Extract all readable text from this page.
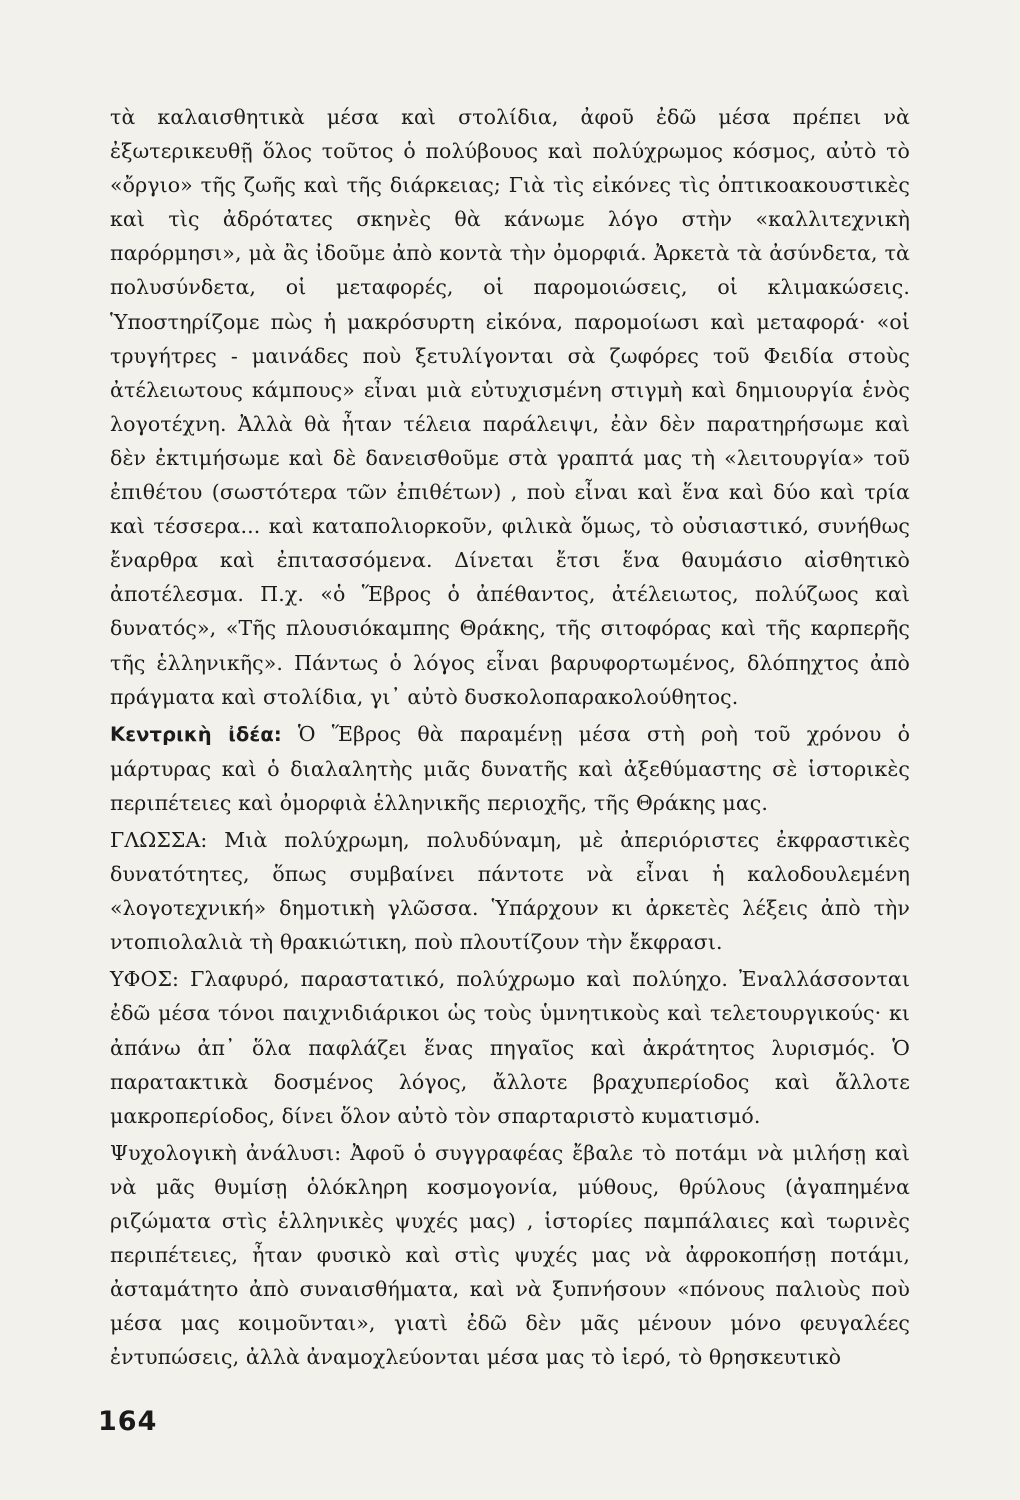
τὰ καλαισθητικὰ μέσα καὶ στολίδια, ἀφοῦ ἐδῶ μέσα πρέπει νὰ ἐξωτερικευθῇ ὅλος τοῦτος ὁ πολύβουος καὶ πολύχρωμος κόσμος, αὐτὸ τὸ «ὄργιο» τῆς ζωῆς καὶ τῆς διάρκειας; Γιὰ τὶς εἰκόνες τὶς ὀπτικοακουστικὲς καὶ τὶς ἀδρότατες σκηνὲς θὰ κάνωμε λόγο στὴν «καλλιτεχνικὴ παρόρμησι», μὰ ἂς ἰδοῦμε ἀπὸ κοντὰ τὴν ὀμορφιά. Ἀρκετὰ τὰ ἀσύνδετα, τὰ πολυσύνδετα, οἱ μεταφορές, οἱ παρομοιώσεις, οἱ κλιμακώσεις. Ὑποστηρίζομε πὼς ἡ μακρόσυρτη εἰκόνα, παρομοίωσι καὶ μεταφορά· «οἱ τρυγήτρες - μαινάδες ποὺ ξετυλίγονται σὰ ζωφόρες τοῦ Φειδία στοὺς ἀτέλειωτους κάμπους» εἶναι μιὰ εὐτυχισμένη στιγμὴ καὶ δημιουργία ἑνὸς λογοτέχνη. Ἀλλὰ θὰ ἦταν τέλεια παράλειψι, ἐὰν δὲν παρατηρήσωμε καὶ δὲν ἐκτιμήσωμε καὶ δὲ δανεισθοῦμε στὰ γραπτά μας τὴ «λειτουργία» τοῦ ἐπιθέτου (σωστότερα τῶν ἐπιθέτων) , ποὺ εἶναι καὶ ἕνα καὶ δύο καὶ τρία καὶ τέσσερα... καὶ καταπολιορκοῦν, φιλικὰ ὅμως, τὸ οὐσιαστικό, συνήθως ἔναρθρα καὶ ἐπιτασσόμενα. Δίνεται ἔτσι ἕνα θαυμάσιο αἰσθητικὸ ἀποτέλεσμα. Π.χ. «ὁ Ἕβρος ὁ ἀπέθαντος, ἀτέλειωτος, πολύζωος καὶ δυνατός», «Τῆς πλουσιόκαμπης Θράκης, τῆς σιτοφόρας καὶ τῆς καρπερῆς τῆς ἑλληνικῆς». Πάντως ὁ λόγος εἶναι βαρυφορτωμένος, δλόπηχτος ἀπὸ πράγματα καὶ στολίδια, γι᾽ αὐτὸ δυσκολοπαρακολούθητος.

Κεντρικὴ ἰδέα: Ὁ Ἕβρος θὰ παραμένῃ μέσα στὴ ροὴ τοῦ χρόνου ὁ μάρτυρας καὶ ὁ διαλαλητὴς μιᾶς δυνατῆς καὶ ἀξεθύμαστης σὲ ἱστορικὲς περιπέτειες καὶ ὀμορφιὰ ἑλληνικῆς περιοχῆς, τῆς Θράκης μας.

ΓΛΩΣΣΑ: Μιὰ πολύχρωμη, πολυδύναμη, μὲ ἀπεριόριστες ἐκφραστικὲς δυνατότητες, ὅπως συμβαίνει πάντοτε νὰ εἶναι ἡ καλοδουλεμένη «λογοτεχνική» δημοτικὴ γλῶσσα. Ὑπάρχουν κι ἀρκετὲς λέξεις ἀπὸ τὴν ντοπιολαλιὰ τὴ θρακιώτικη, ποὺ πλουτίζουν τὴν ἔκφρασι.

ΥΦΟΣ: Γλαφυρό, παραστατικό, πολύχρωμο καὶ πολύηχο. Ἐναλλάσσονται ἐδῶ μέσα τόνοι παιχνιδιάρικοι ὡς τοὺς ὑμνητικοὺς καὶ τελετουργικούς· κι ἀπάνω ἀπ᾽ ὅλα παφλάζει ἕνας πηγαῖος καὶ ἀκράτητος λυρισμός. Ὁ παρατακτικὰ δοσμένος λόγος, ἄλλοτε βραχυπερίοδος καὶ ἄλλοτε μακροπερίοδος, δίνει ὅλον αὐτὸ τὸν σπαρταριστὸ κυματισμό.

Ψυχολογικὴ ἀνάλυσι: Ἀφοῦ ὁ συγγραφέας ἔβαλε τὸ ποτάμι νὰ μιλήσῃ καὶ νὰ μᾶς θυμίσῃ ὁλόκληρη κοσμογονία, μύθους, θρύλους (ἀγαπημένα ριζώματα στὶς ἑλληνικὲς ψυχές μας) , ἱστορίες παμπάλαιες καὶ τωρινὲς περιπέτειες, ἦταν φυσικὸ καὶ στὶς ψυχές μας νὰ ἀφροκοπήσῃ ποτάμι, ἀσταμάτητο ἀπὸ συναισθήματα, καὶ νὰ ξυπνήσουν «πόνους παλιοὺς ποὺ μέσα μας κοιμοῦνται», γιατὶ ἐδῶ δὲν μᾶς μένουν μόνο φευγαλέες ἐντυπώσεις, ἀλλὰ ἀναμοχλεύονται μέσα μας τὸ ἱερό, τὸ θρησκευτικὸ

164
